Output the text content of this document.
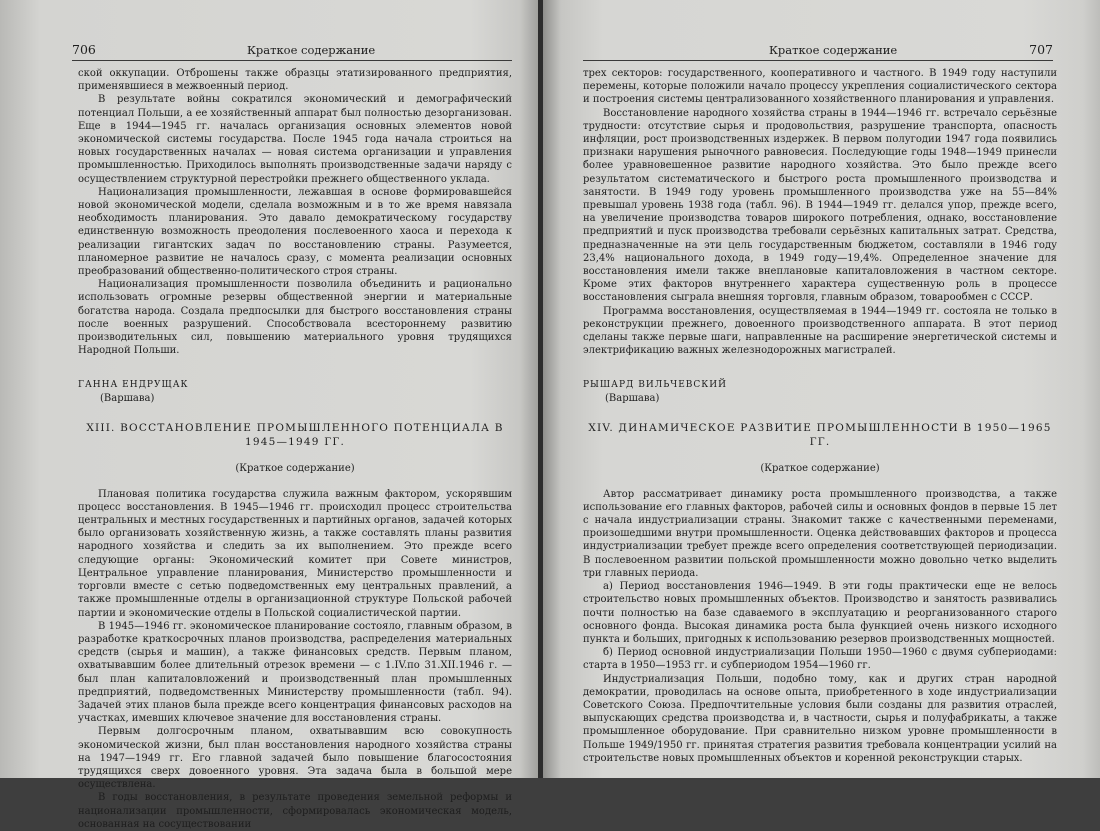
706	Краткое содержание

ской оккупации. Отброшены также образцы этатизированного предприятия, применявшиеся в межвоенный период.

В результате войны сократился экономический и демографический потенциал Польши, а ее хозяйственный аппарат был полностью дезорганизован. Еще в 1944—1945 гг. началась организация основных элементов новой экономической системы государства. После 1945 года начала строиться на новых государственных началах — новая система организации и управления промышленностью. Приходилось выполнять производственные задачи наряду с осуществлением структурной перестройки прежнего общественного уклада.

Национализация промышленности, лежавшая в основе формировавшейся новой экономической модели, сделала возможным и в то же время навязала необходимость планирования. Это давало демократическому государству единственную возможность преодоления послевоенного хаоса и перехода к реализации гигантских задач по восстановлению страны. Разумеется, планомерное развитие не началось сразу, с момента реализации основных преобразований общественно-политического строя страны.

Национализация промышленности позволила объединить и рационально использовать огромные резервы общественной энергии и материальные богатства народа. Создала предпосылки для быстрого восстановления страны после военных разрушений. Способствовала всестороннему развитию производительных сил, повышению материального уровня трудящихся Народной Польши.

ГАННА ЕНДРУЩАК
(Варшава)
XIII. ВОССТАНОВЛЕНИЕ ПРОМЫШЛЕННОГО ПОТЕНЦИАЛА В 1945—1949 ГГ.
(Краткое содержание)

Плановая политика государства служила важным фактором, ускорявшим процесс восстановления. В 1945—1946 гг. происходил процесс строительства центральных и местных государственных и партийных органов, задачей которых было организовать хозяйственную жизнь, а также составлять планы развития народного хозяйства и следить за их выполнением. Это прежде всего следующие органы: Экономический комитет при Совете министров, Центральное управление планирования, Министерство промышленности и торговли вместе с сетью подведомственных ему центральных правлений, а также промышленные отделы в организационной структуре Польской рабочей партии и экономические отделы в Польской социалистической партии.

В 1945—1946 гг. экономическое планирование состояло, главным образом, в разработке краткосрочных планов производства, распределения материальных средств (сырья и машин), а также финансовых средств. Первым планом, охватывавшим более длительный отрезок времени — с 1.IV.по 31.XII.1946 г. — был план капиталовложений и производственный план промышленных предприятий, подведомственных Министерству промышленности (табл. 94). Задачей этих планов была прежде всего концентрация финансовых расходов на участках, имевших ключевое значение для восстановления страны.

Первым долгосрочным планом, охватывавшим всю совокупность экономической жизни, был план восстановления народного хозяйства страны на 1947—1949 гг. Его главной задачей было повышение благосостояния трудящихся сверх довоенного уровня. Эта задача была в большой мере осуществлена.

В годы восстановления, в результате проведения земельной реформы и национализации промышленности, сформировалась экономическая модель, основанная на сосуществовании

Краткое содержание	707

трех секторов: государственного, кооперативного и частного. В 1949 году наступили перемены, которые положили начало процессу укрепления социалистического сектора и построения системы централизованного хозяйственного планирования и управления.

Восстановление народного хозяйства страны в 1944—1946 гг. встречало серьёзные трудности: отсутствие сырья и продовольствия, разрушение транспорта, опасность инфляции, рост производственных издержек. В первом полугодии 1947 года появились признаки нарушения рыночного равновесия. Последующие годы 1948—1949 принесли более уравновешенное развитие народного хозяйства. Это было прежде всего результатом систематического и быстрого роста промышленного производства и занятости. В 1949 году уровень промышленного производства уже на 55—84% превышал уровень 1938 года (табл. 96). В 1944—1949 гг. делался упор, прежде всего, на увеличение производства товаров широкого потребления, однако, восстановление предприятий и пуск производства требовали серьёзных капитальных затрат. Средства, предназначенные на эти цель государственным бюджетом, составляли в 1946 году 23,4% национального дохода, в 1949 году—19,4%. Определенное значение для восстановления имели также внеплановые капиталовложения в частном секторе. Кроме этих факторов внутреннего характера существенную роль в процессе восстановления сыграла внешняя торговля, главным образом, товарообмен с СССР.

Программа восстановления, осуществляемая в 1944—1949 гг. состояла не только в реконструкции прежнего, довоенного производственного аппарата. В этот период сделаны также первые шаги, направленные на расширение энергетической системы и электрификацию важных железнодорожных магистралей.

РЫШАРД ВИЛЬЧЕВСКИЙ
(Варшава)
XIV. ДИНАМИЧЕСКОЕ РАЗВИТИЕ ПРОМЫШЛЕННОСТИ В 1950—1965 ГГ.
(Краткое содержание)

Автор рассматривает динамику роста промышленного производства, а также использование его главных факторов, рабочей силы и основных фондов в первые 15 лет с начала индустриализации страны. Знакомит также с качественными переменами, произошедшими внутри промышленности. Оценка действовавших факторов и процесса индустриализации требует прежде всего определения соответствующей периодизации. В послевоенном развитии польской промышленности можно довольно четко выделить три главных периода.

а) Период восстановления 1946—1949. В эти годы практически еще не велось строительство новых промышленных объектов. Производство и занятость развивались почти полностью на базе сдаваемого в эксплуатацию и реорганизованного старого основного фонда. Высокая динамика роста была функцией очень низкого исходного пункта и больших, пригодных к использованию резервов производственных мощностей.

б) Период основной индустриализации Польши 1950—1960 с двумя субпериодами: старта в 1950—1953 гг. и субпериодом 1954—1960 гг.

Индустриализация Польши, подобно тому, как и других стран народной демократии, проводилась на основе опыта, приобретенного в ходе индустриализации Советского Союза. Предпочтительные условия были созданы для развития отраслей, выпускающих средства производства и, в частности, сырья и полуфабрикаты, а также промышленное оборудование. При сравнительно низком уровне промышленности в Польше 1949/1950 гг. принятая стратегия развития требовала концентрации усилий на строительстве новых промышленных объектов и коренной реконструкции старых.
